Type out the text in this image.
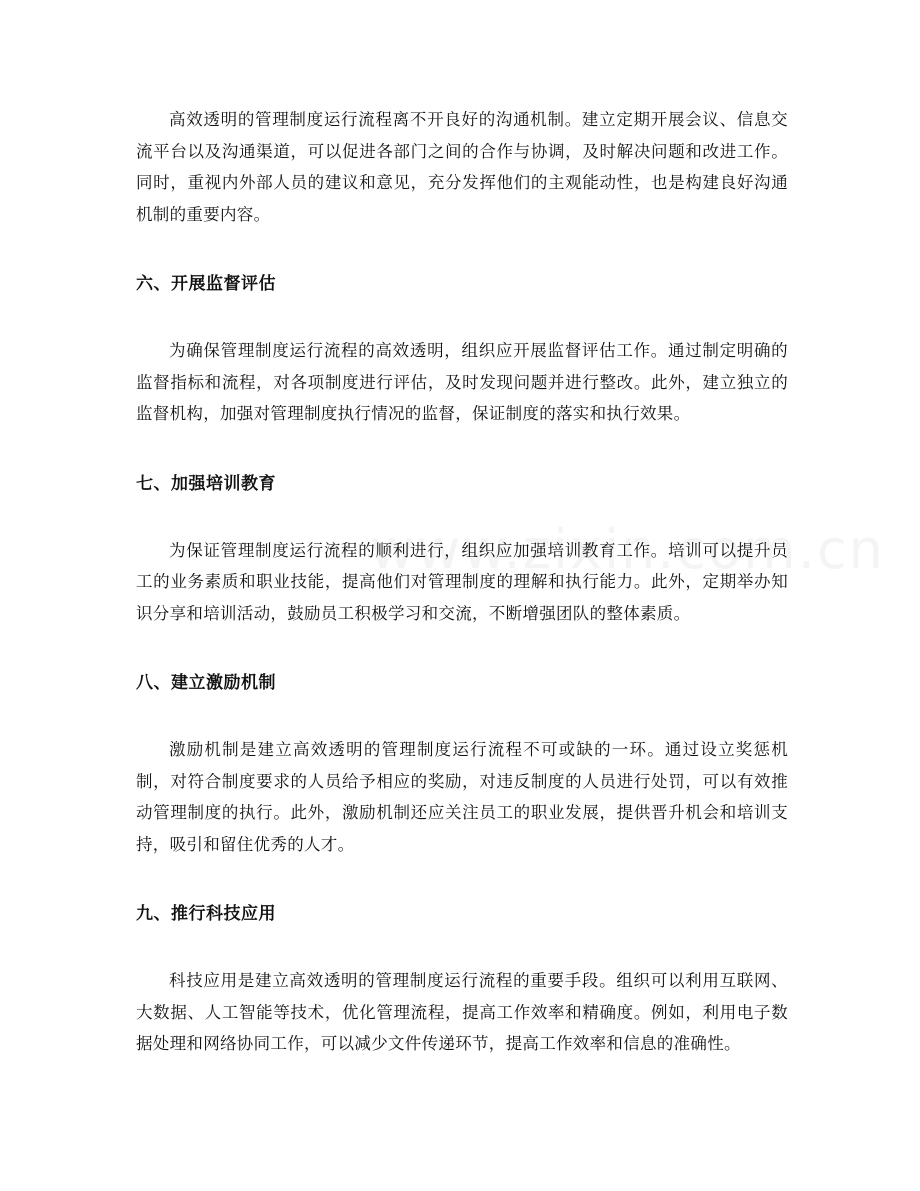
高效透明的管理制度运行流程离不开良好的沟通机制。建立定期开展会议、信息交流平台以及沟通渠道，可以促进各部门之间的合作与协调，及时解决问题和改进工作。同时，重视内外部人员的建议和意见，充分发挥他们的主观能动性，也是构建良好沟通机制的重要内容。

六、开展监督评估

为确保管理制度运行流程的高效透明，组织应开展监督评估工作。通过制定明确的监督指标和流程，对各项制度进行评估，及时发现问题并进行整改。此外，建立独立的监督机构，加强对管理制度执行情况的监督，保证制度的落实和执行效果。

七、加强培训教育

为保证管理制度运行流程的顺利进行，组织应加强培训教育工作。培训可以提升员工的业务素质和职业技能，提高他们对管理制度的理解和执行能力。此外，定期举办知识分享和培训活动，鼓励员工积极学习和交流，不断增强团队的整体素质。

八、建立激励机制

激励机制是建立高效透明的管理制度运行流程不可或缺的一环。通过设立奖惩机制，对符合制度要求的人员给予相应的奖励，对违反制度的人员进行处罚，可以有效推动管理制度的执行。此外，激励机制还应关注员工的职业发展，提供晋升机会和培训支持，吸引和留住优秀的人才。

九、推行科技应用

科技应用是建立高效透明的管理制度运行流程的重要手段。组织可以利用互联网、大数据、人工智能等技术，优化管理流程，提高工作效率和精确度。例如，利用电子数据处理和网络协同工作，可以减少文件传递环节，提高工作效率和信息的准确性。
